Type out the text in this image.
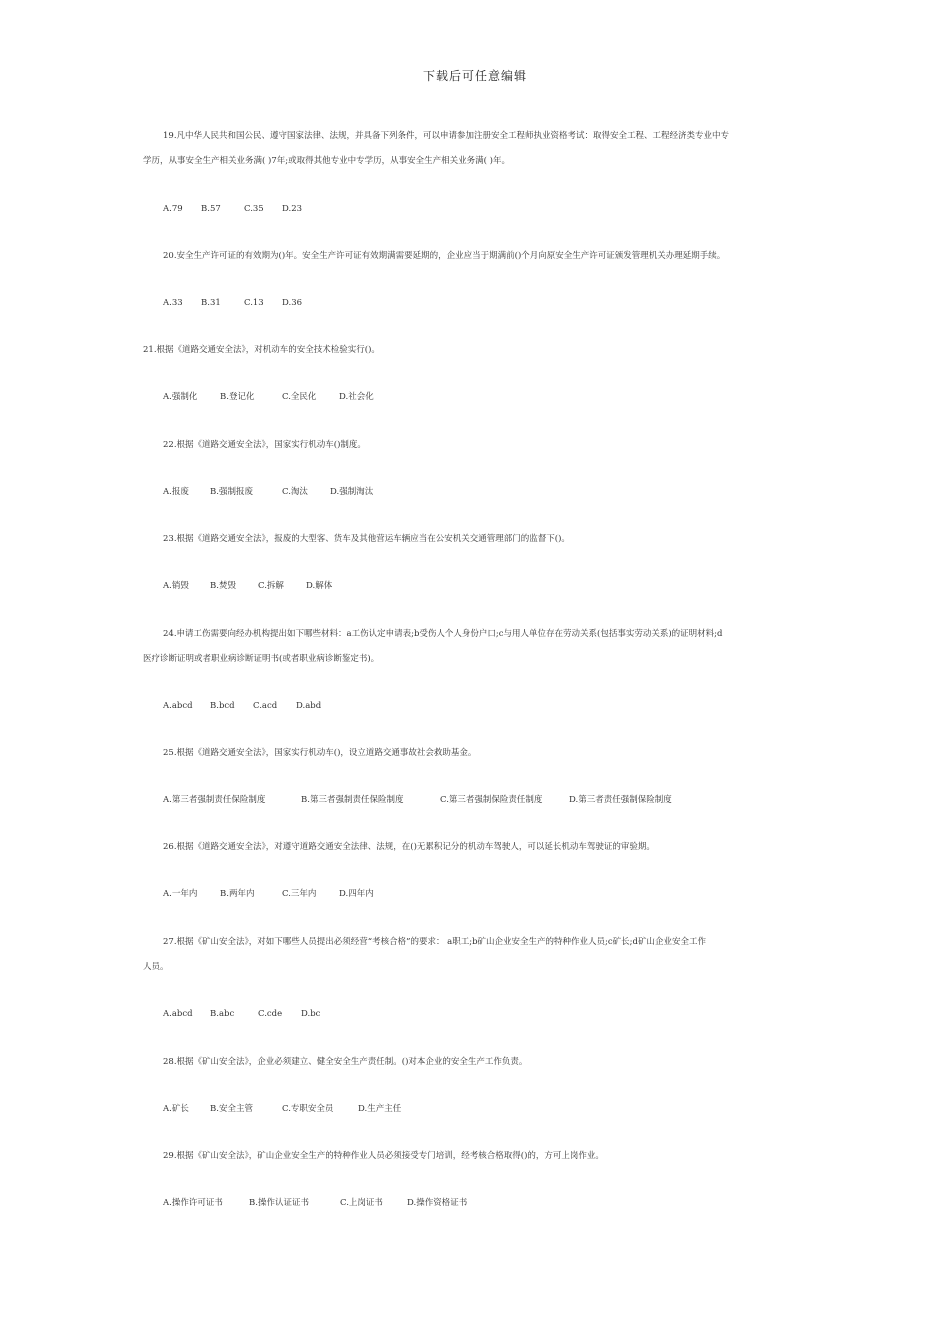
下载后可任意编辑
19.凡中华人民共和国公民、遵守国家法律、法规，并具备下列条件，可以申请参加注册安全工程师执业资格考试：取得安全工程、工程经济类专业中专
学历，从事安全生产相关业务满( )7年;或取得其他专业中专学历，从事安全生产相关业务满( )年。
A.79 B.57	C.35 D.23
20.安全生产许可证的有效期为()年。安全生产许可证有效期满需要延期的，企业应当于期满前()个月向原安全生产许可证颁发管理机关办理延期手续。
A.33 B.31	C.13 D.36
21.根据《道路交通安全法》，对机动车的安全技术检验实行()。
A.强制化	B.登记化	C.全民化	D.社会化
22.根据《道路交通安全法》，国家实行机动车()制度。
A.报废 B.强制报废	C.淘汰	D.强制淘汰
23.根据《道路交通安全法》，报废的大型客、货车及其他营运车辆应当在公安机关交通管理部门的监督下()。
A.销毁 B.焚毁	C.拆解	D.解体
24.申请工伤需要向经办机构提出如下哪些材料：a工伤认定申请表;b受伤人个人身份户口;c与用人单位存在劳动关系(包括事实劳动关系)的证明材料;d
医疗诊断证明或者职业病诊断证明书(或者职业病诊断鉴定书)。
A.abcd B.bcd C.acd D.abd
25.根据《道路交通安全法》，国家实行机动车()，设立道路交通事故社会救助基金。
A.第三者强制责任保险制度	B.第三者强制责任保险制度	C.第三者强制保险责任制度	D.第三者责任强制保险制度
26.根据《道路交通安全法》，对遵守道路交通安全法律、法规，在()无累积记分的机动车驾驶人，可以延长机动车驾驶证的审验期。
A.一年内	B.两年内	C.三年内	D.四年内
27.根据《矿山安全法》，对如下哪些人员提出必须经营“考核合格”的要求： a职工;b矿山企业安全生产的特种作业人员;c矿长;d矿山企业安全工作
人员。
A.abcd B.abc	C.cde D.bc
28.根据《矿山安全法》，企业必须建立、健全安全生产责任制。()对本企业的安全生产工作负责。
A.矿长 B.安全主管	C.专职安全员	D.生产主任
29.根据《矿山安全法》，矿山企业安全生产的特种作业人员必须接受专门培训，经考核合格取得()的，方可上岗作业。
A.操作许可证书	B.操作认证证书	C.上岗证书	D.操作资格证书
